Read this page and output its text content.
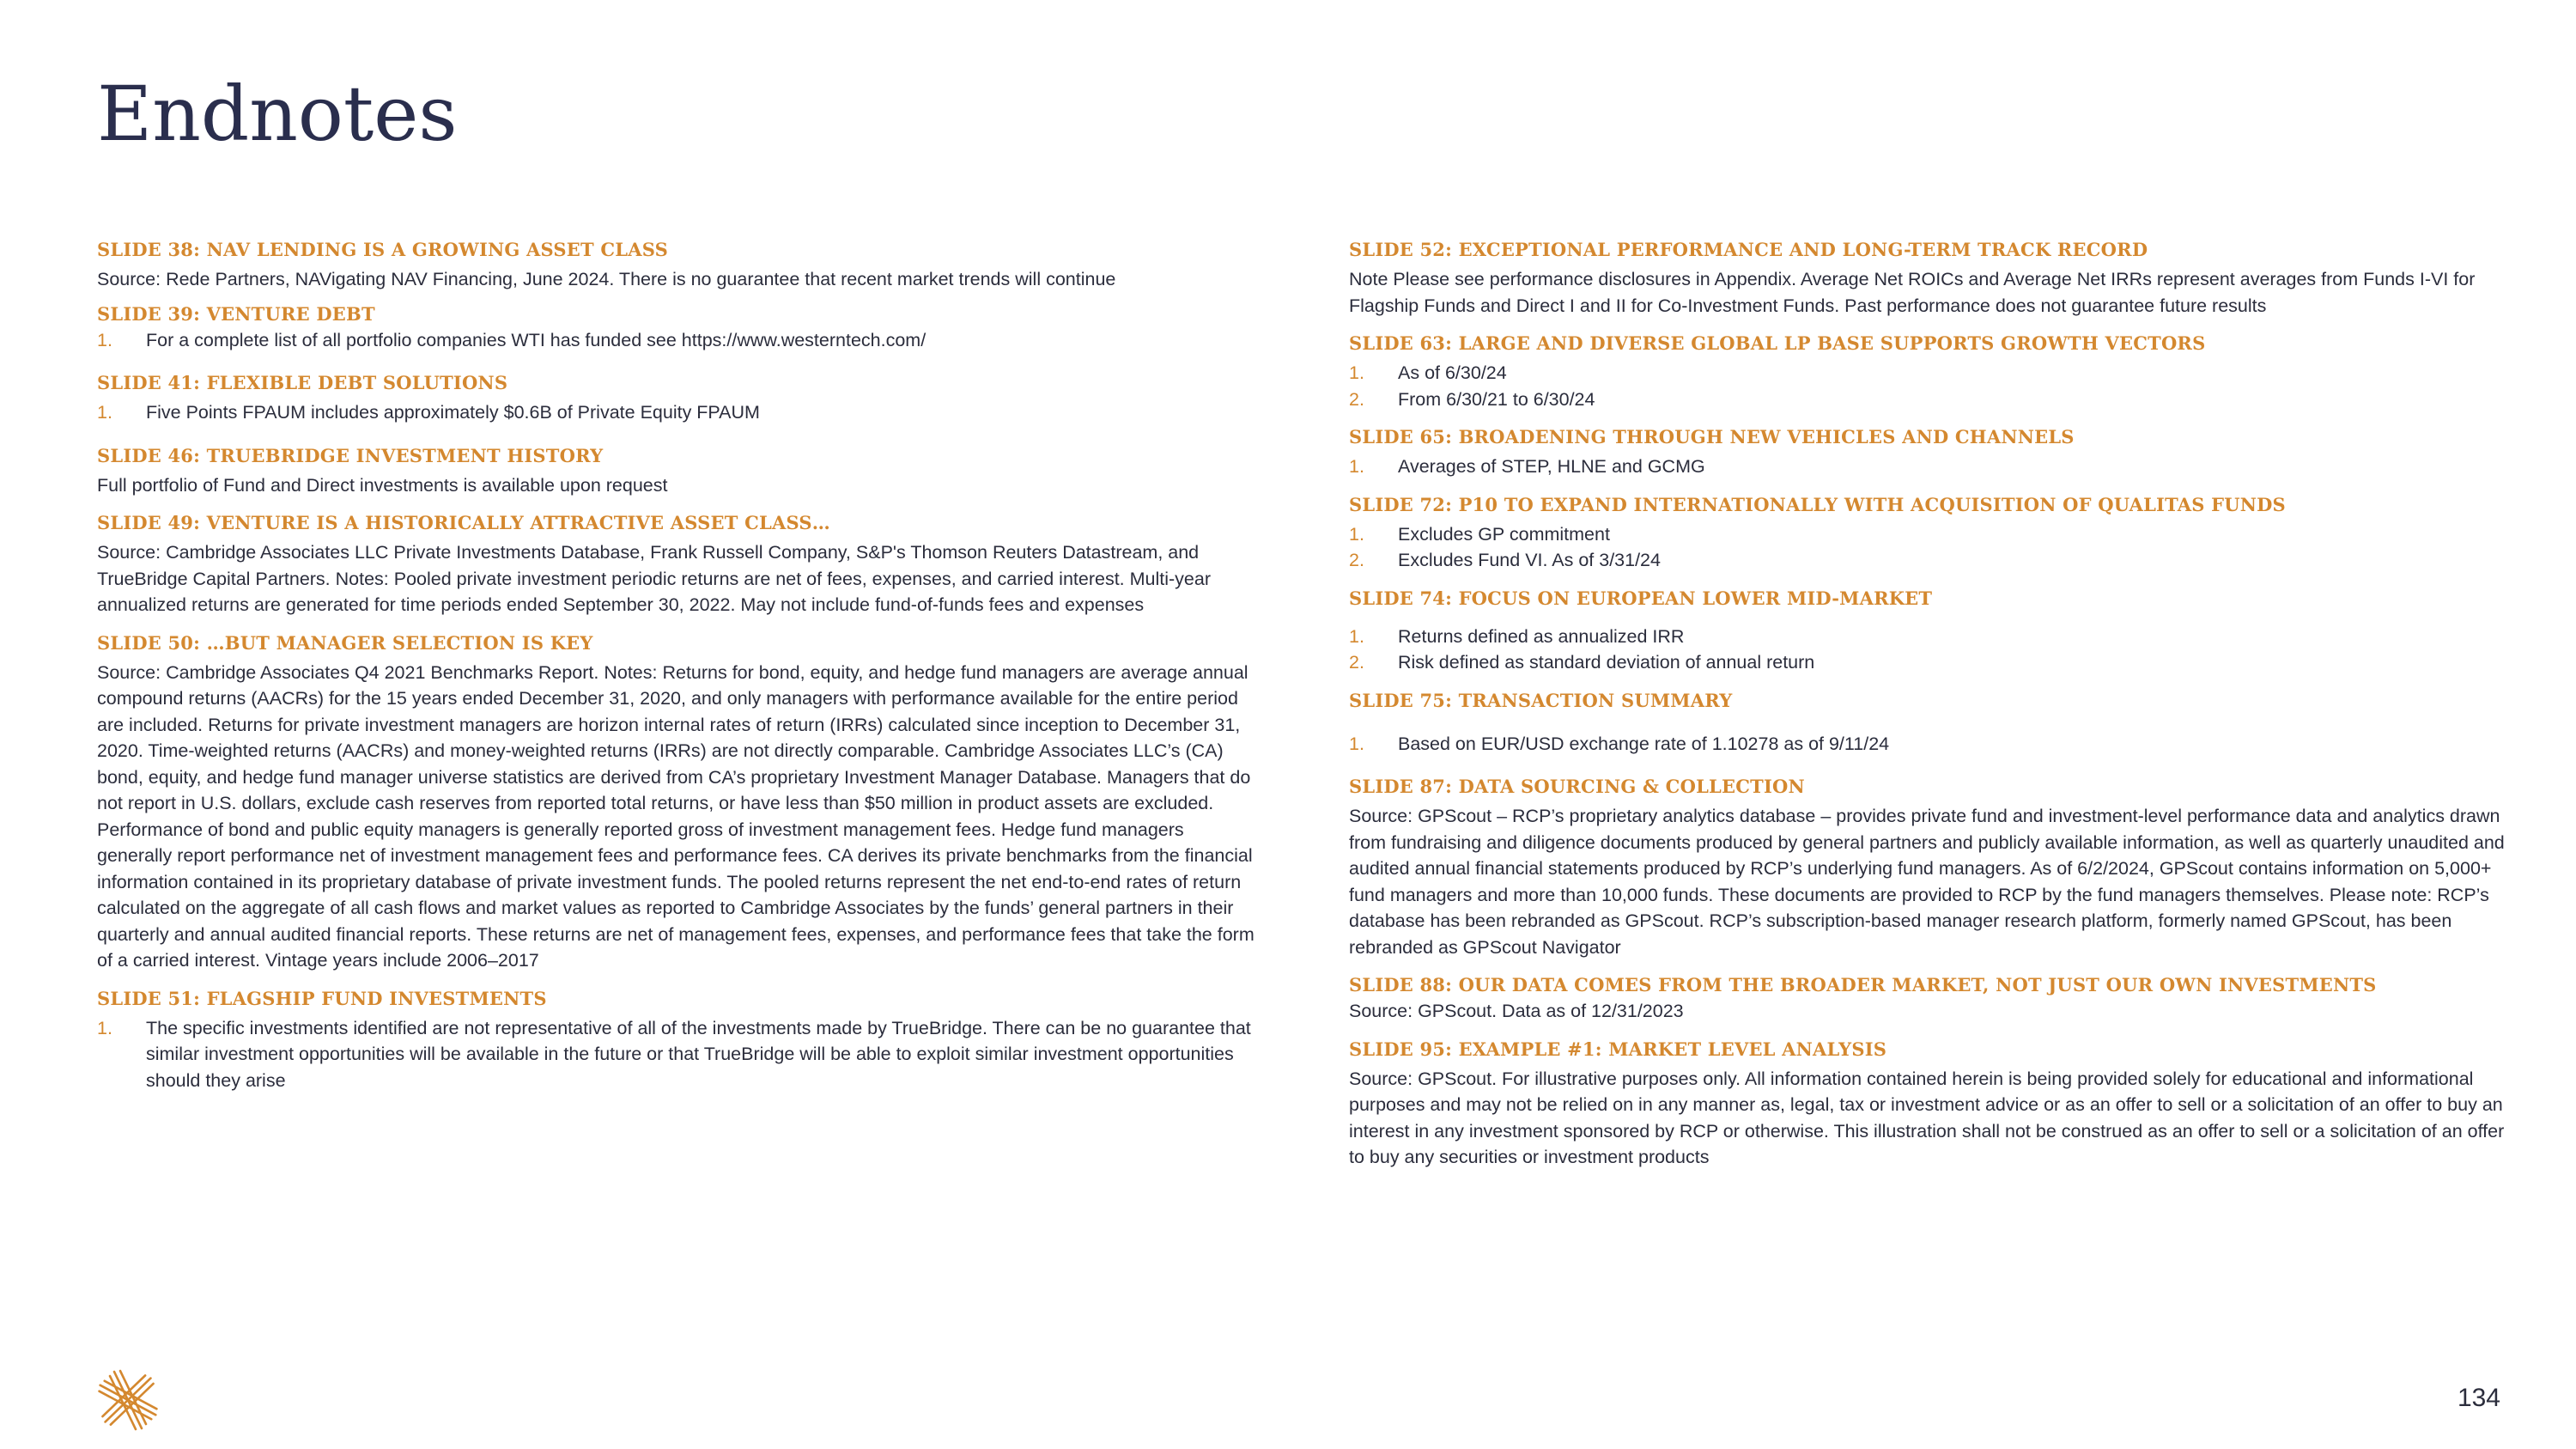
Endnotes
SLIDE 38: NAV LENDING IS A GROWING ASSET CLASS
Source: Rede Partners, NAVigating NAV Financing, June 2024. There is no guarantee that recent market trends will continue
SLIDE 39: VENTURE DEBT
1. For a complete list of all portfolio companies WTI has funded see https://www.westerntech.com/
SLIDE 41: FLEXIBLE DEBT SOLUTIONS
1. Five Points FPAUM includes approximately $0.6B of Private Equity FPAUM
SLIDE 46: TRUEBRIDGE INVESTMENT HISTORY
Full portfolio of Fund and Direct investments is available upon request
SLIDE 49: VENTURE IS A HISTORICALLY ATTRACTIVE ASSET CLASS…
Source: Cambridge Associates LLC Private Investments Database, Frank Russell Company, S&P's Thomson Reuters Datastream, and TrueBridge Capital Partners. Notes: Pooled private investment periodic returns are net of fees, expenses, and carried interest. Multi-year annualized returns are generated for time periods ended September 30, 2022. May not include fund-of-funds fees and expenses
SLIDE 50: …BUT MANAGER SELECTION IS KEY
Source: Cambridge Associates Q4 2021 Benchmarks Report. Notes: Returns for bond, equity, and hedge fund managers are average annual compound returns (AACRs) for the 15 years ended December 31, 2020, and only managers with performance available for the entire period are included. Returns for private investment managers are horizon internal rates of return (IRRs) calculated since inception to December 31, 2020. Time-weighted returns (AACRs) and money-weighted returns (IRRs) are not directly comparable. Cambridge Associates LLC’s (CA) bond, equity, and hedge fund manager universe statistics are derived from CA’s proprietary Investment Manager Database. Managers that do not report in U.S. dollars, exclude cash reserves from reported total returns, or have less than $50 million in product assets are excluded. Performance of bond and public equity managers is generally reported gross of investment management fees. Hedge fund managers generally report performance net of investment management fees and performance fees. CA derives its private benchmarks from the financial information contained in its proprietary database of private investment funds. The pooled returns represent the net end-to-end rates of return calculated on the aggregate of all cash flows and market values as reported to Cambridge Associates by the funds’ general partners in their quarterly and annual audited financial reports. These returns are net of management fees, expenses, and performance fees that take the form of a carried interest. Vintage years include 2006–2017
SLIDE 51: FLAGSHIP FUND INVESTMENTS
1. The specific investments identified are not representative of all of the investments made by TrueBridge. There can be no guarantee that similar investment opportunities will be available in the future or that TrueBridge will be able to exploit similar investment opportunities should they arise
SLIDE 52: EXCEPTIONAL PERFORMANCE AND LONG-TERM TRACK RECORD
Note Please see performance disclosures in Appendix. Average Net ROICs and Average Net IRRs represent averages from Funds I-VI for Flagship Funds and Direct I and II for Co-Investment Funds. Past performance does not guarantee future results
SLIDE 63: LARGE AND DIVERSE GLOBAL LP BASE SUPPORTS GROWTH VECTORS
1. As of 6/30/24
2. From 6/30/21 to 6/30/24
SLIDE 65: BROADENING THROUGH NEW VEHICLES AND CHANNELS
1. Averages of STEP, HLNE and GCMG
SLIDE 72: P10 TO EXPAND INTERNATIONALLY WITH ACQUISITION OF QUALITAS FUNDS
1. Excludes GP commitment
2. Excludes Fund VI. As of 3/31/24
SLIDE 74: FOCUS ON EUROPEAN LOWER MID-MARKET
1. Returns defined as annualized IRR
2. Risk defined as standard deviation of annual return
SLIDE 75: TRANSACTION SUMMARY
1. Based on EUR/USD exchange rate of 1.10278 as of 9/11/24
SLIDE 87: DATA SOURCING & COLLECTION
Source: GPScout – RCP’s proprietary analytics database – provides private fund and investment-level performance data and analytics drawn from fundraising and diligence documents produced by general partners and publicly available information, as well as quarterly unaudited and audited annual financial statements produced by RCP’s underlying fund managers. As of 6/2/2024, GPScout contains information on 5,000+ fund managers and more than 10,000 funds. These documents are provided to RCP by the fund managers themselves. Please note: RCP’s database has been rebranded as GPScout. RCP’s subscription-based manager research platform, formerly named GPScout, has been rebranded as GPScout Navigator
SLIDE 88: OUR DATA COMES FROM THE BROADER MARKET, NOT JUST OUR OWN INVESTMENTS
Source: GPScout. Data as of 12/31/2023
SLIDE 95: EXAMPLE #1: MARKET LEVEL ANALYSIS
Source: GPScout. For illustrative purposes only. All information contained herein is being provided solely for educational and informational purposes and may not be relied on in any manner as, legal, tax or investment advice or as an offer to sell or a solicitation of an offer to buy an interest in any investment sponsored by RCP or otherwise. This illustration shall not be construed as an offer to sell or a solicitation of an offer to buy any securities or investment products
134
